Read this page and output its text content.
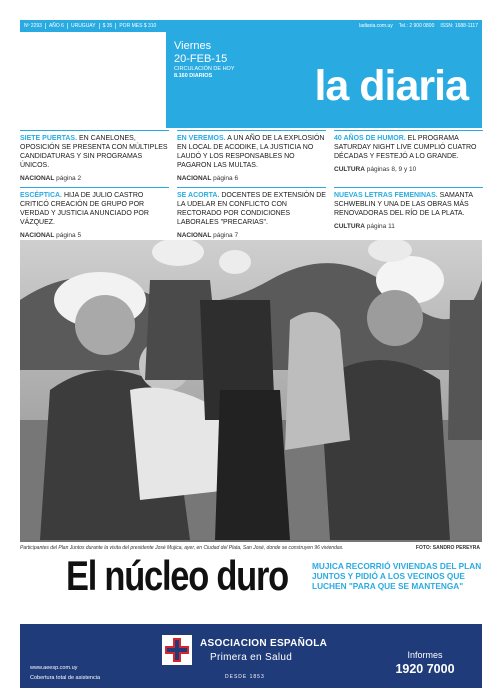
Nº 2293	AÑO 6	URUGUAY	$ 35	POR MES $ 310	ladiaria.com.uy Tel.: 2 900 0800 ISSN: 1688-1117
Viernes
20-FEB-15
CIRCULACIÓN DE HOY
8.160 DIARIOS	la diaria
SIETE PUERTAS. EN CANELONES, OPOSICIÓN SE PRESENTA CON MÚLTIPLES CANDIDATURAS Y SIN PROGRAMAS ÚNICOS.
NACIONAL página 2
EN VEREMOS. A UN AÑO DE LA EXPLOSIÓN EN LOCAL DE ACODIKE, LA JUSTICIA NO LAUDÓ Y LOS RESPONSABLES NO PAGARON LAS MULTAS.
NACIONAL página 6
40 AÑOS DE HUMOR. EL PROGRAMA SATURDAY NIGHT LIVE CUMPLIÓ CUATRO DÉCADAS Y FESTEJÓ A LO GRANDE.
CULTURA páginas 8, 9 y 10
ESCÉPTICA. HIJA DE JULIO CASTRO CRITICÓ CREACIÓN DE GRUPO POR VERDAD Y JUSTICIA ANUNCIADO POR VÁZQUEZ.
NACIONAL página 5
SE ACORTA. DOCENTES DE EXTENSIÓN DE LA UDELAR EN CONFLICTO CON RECTORADO POR CONDICIONES LABORALES "PRECARIAS".
NACIONAL página 7
NUEVAS LETRAS FEMENINAS. SAMANTA SCHWEBLIN Y UNA DE LAS OBRAS MÁS RENOVADORAS DEL RÍO DE LA PLATA.
CULTURA página 11
Participantes del Plan Juntos durante la visita del presidente José Mujica, ayer, en Ciudad del Plata, San José, donde se construyen 96 viviendas.	FOTO: SANDRO PEREYRA
El núcleo duro	MUJICA RECORRIÓ VIVIENDAS DEL PLAN JUNTOS Y PIDIÓ A LOS VECINOS QUE LUCHEN "PARA QUE SE MANTENGA"
www.aeesp.com.uy
Cobertura total de asistencia
ASOCIACION ESPAÑOLA
Primera en Salud
DESDE 1853
Informes
1920 7000
